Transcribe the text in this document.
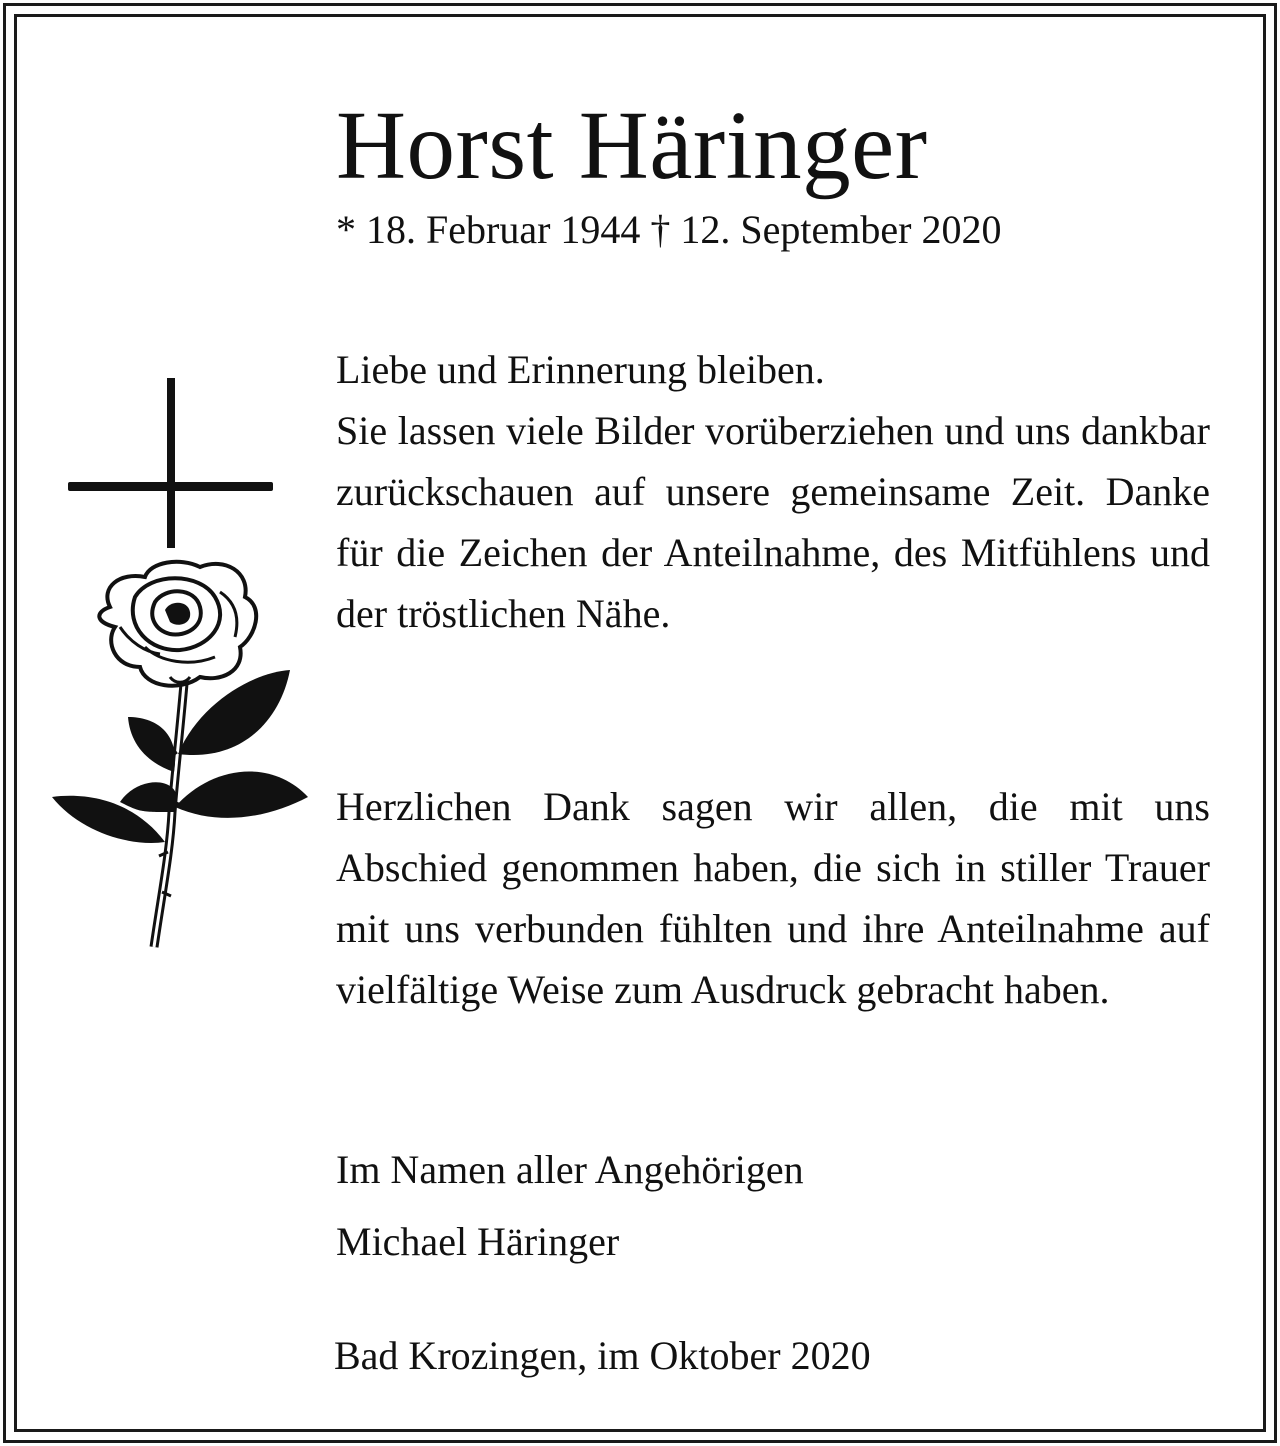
Horst Häringer
* 18. Februar 1944 † 12. September 2020

Liebe und Erinnerung bleiben.

Sie lassen viele Bilder vorüberziehen und uns dankbar zurückschauen auf unsere gemeinsame Zeit. Danke für die Zeichen der Anteilnahme, des Mitfühlens und der tröstlichen Nähe.

Herzlichen Dank sagen wir allen, die mit uns Abschied genommen haben, die sich in stiller Trauer mit uns verbunden fühlten und ihre Anteilnahme auf vielfältige Weise zum Ausdruck gebracht haben.

Im Namen aller Angehörigen
Michael Häringer
Bad Krozingen, im Oktober 2020
